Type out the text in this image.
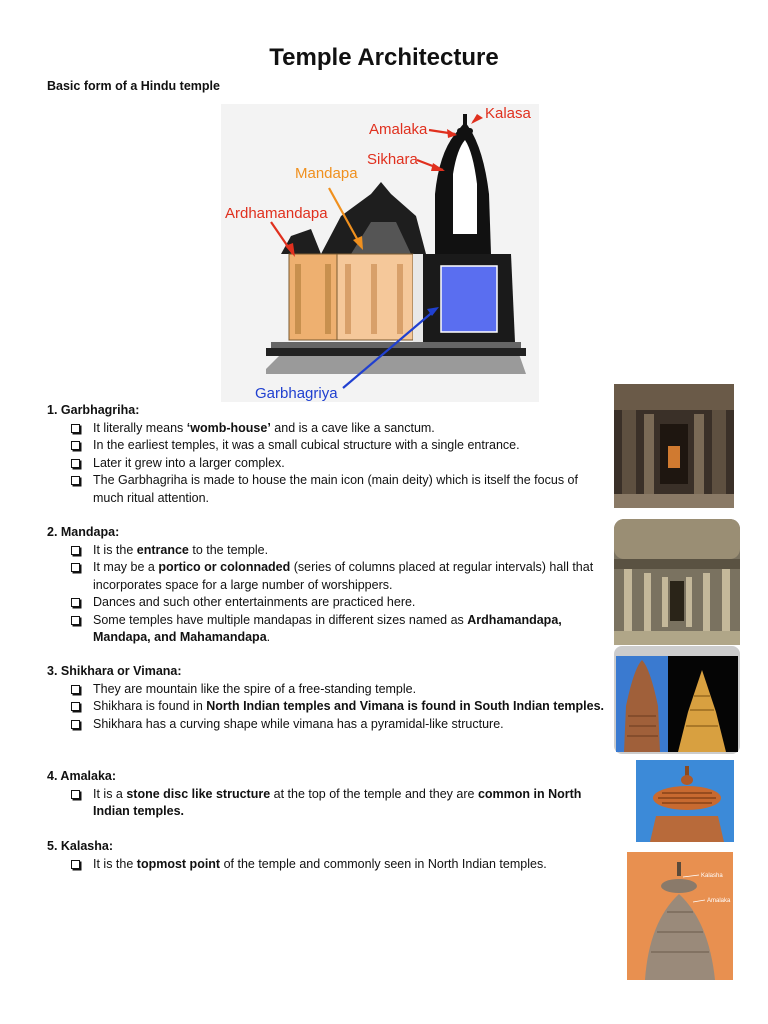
Temple Architecture
Basic form of a Hindu temple
Kalasa
Amalaka
Sikhara
Mandapa
Ardhamandapa
Garbhagriya
1. Garbhagriha:
It literally means ‘womb-house’ and is a cave like a sanctum.
In the earliest temples, it was a small cubical structure with a single entrance.
Later it grew into a larger complex.
The Garbhagriha is made to house the main icon (main deity) which is itself the focus of much ritual attention.
2. Mandapa:
It is the entrance to the temple.
It may be a portico or colonnaded (series of columns placed at regular intervals) hall that incorporates space for a large number of worshippers.
Dances and such other entertainments are practiced here.
Some temples have multiple mandapas in different sizes named as Ardhamandapa, Mandapa, and Mahamandapa.
3. Shikhara or Vimana:
They are mountain like the spire of a free-standing temple.
Shikhara is found in North Indian temples and Vimana is found in South Indian temples.
Shikhara has a curving shape while vimana has a pyramidal-like structure.
4. Amalaka:
It is a stone disc like structure at the top of the temple and they are common in North Indian temples.
5. Kalasha:
It is the topmost point of the temple and commonly seen in North Indian temples.
Kalasha
Amalaka
